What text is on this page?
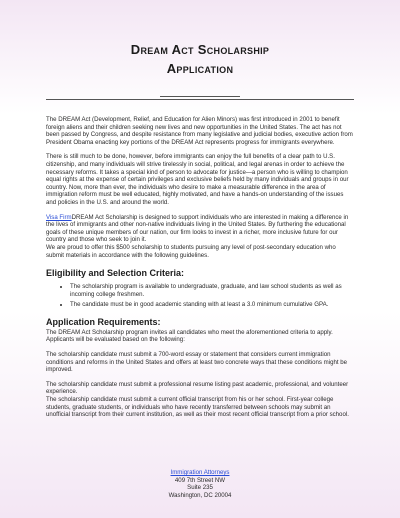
Dream Act Scholarship
Application

The DREAM Act (Development, Relief, and Education for Alien Minors) was first introduced in 2001 to benefit foreign aliens and their children seeking new lives and new opportunities in the United States. The act has not been passed by Congress, and despite resistance from many legislative and judicial bodies, executive action from President Obama enacting key portions of the DREAM Act represents progress for immigrants everywhere.

There is still much to be done, however, before immigrants can enjoy the full benefits of a clear path to U.S. citizenship, and many individuals will strive tirelessly in social, political, and legal arenas in order to achieve the necessary reforms. It takes a special kind of person to advocate for justice—a person who is willing to champion equal rights at the expense of certain privileges and exclusive beliefs held by many individuals and groups in our country. Now, more than ever, the individuals who desire to make a measurable difference in the area of immigration reform must be well educated, highly motivated, and have a hands-on understanding of the issues and policies in the U.S. and around the world.

Visa FirmDREAM Act Scholarship is designed to support individuals who are interested in making a difference in the lives of immigrants and other non-native individuals living in the United States. By furthering the educational goals of these unique members of our nation, our firm looks to invest in a richer, more inclusive future for our country and those who seek to join it.

We are proud to offer this $500 scholarship to students pursuing any level of post-secondary education who submit materials in accordance with the following guidelines.

Eligibility and Selection Criteria:
• The scholarship program is available to undergraduate, graduate, and law school students as well as incoming college freshmen.
• The candidate must be in good academic standing with at least a 3.0 minimum cumulative GPA.
Application Requirements:

The DREAM Act Scholarship program invites all candidates who meet the aforementioned criteria to apply. Applicants will be evaluated based on the following:

The scholarship candidate must submit a 700-word essay or statement that considers current immigration conditions and reforms in the United States and offers at least two concrete ways that these conditions might be improved.

The scholarship candidate must submit a professional resume listing past academic, professional, and volunteer experience.

The scholarship candidate must submit a current official transcript from his or her school. First-year college students, graduate students, or individuals who have recently transferred between schools may submit an unofficial transcript from their current institution, as well as their most recent official transcript from a prior school.

Immigration Attorneys
409 7th Street NW
Suite 235
Washington, DC 20004
